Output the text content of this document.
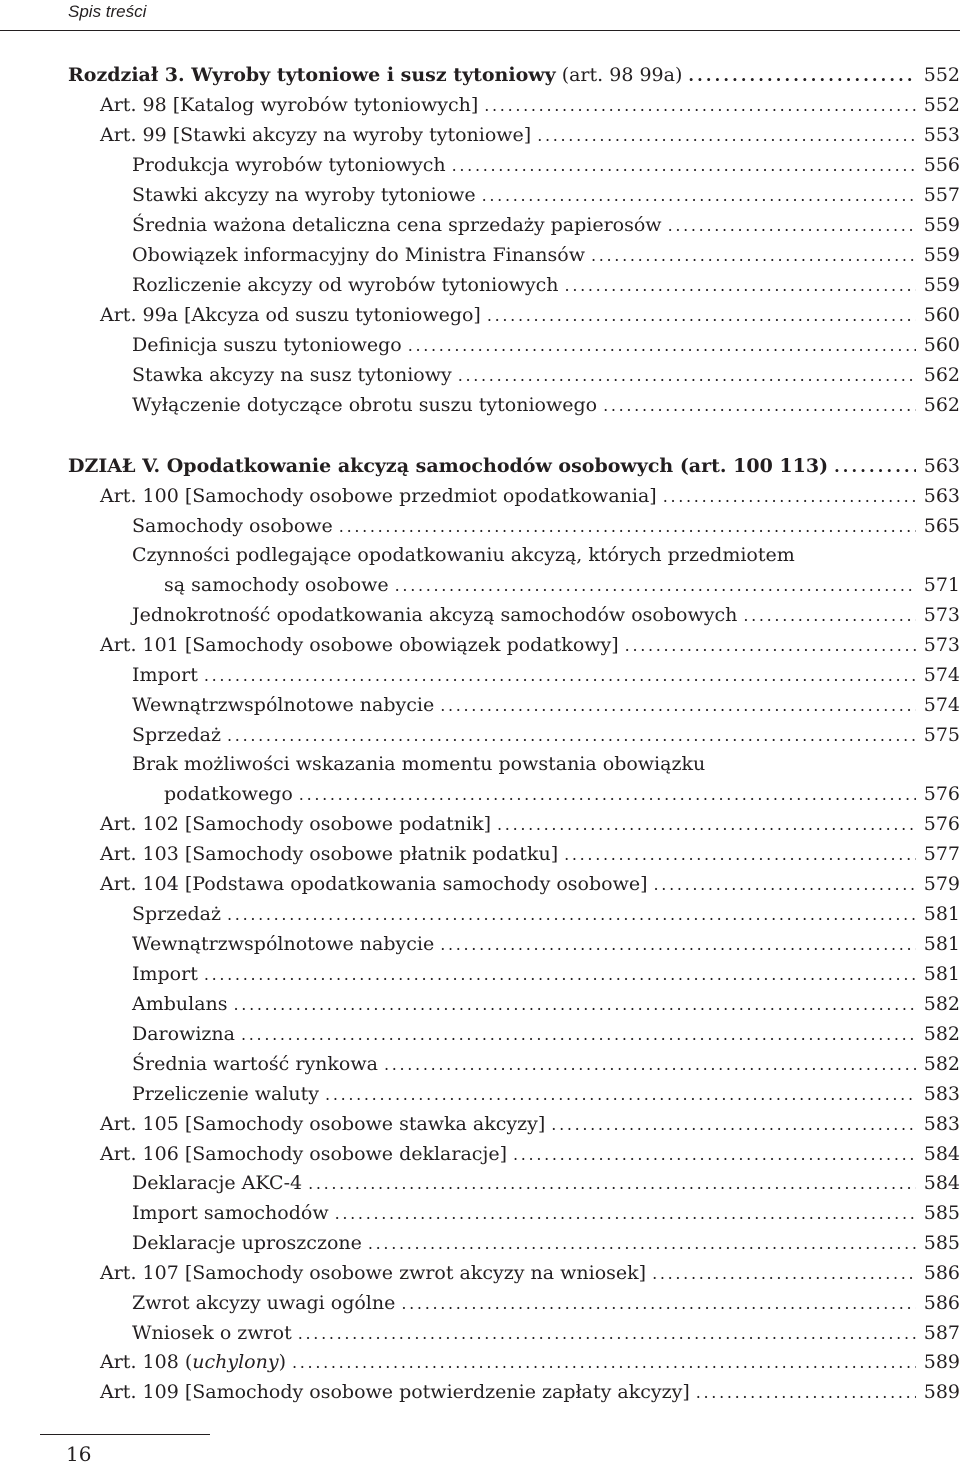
Spis treści
Rozdział 3. Wyroby tytoniowe i susz tytoniowy (art. 98 99a) . . .	552
Art. 98 [Katalog wyrobów tytoniowych] . . .	552
Art. 99 [Stawki akcyzy na wyroby tytoniowe] . . .	553
Produkcja wyrobów tytoniowych . . .	556
Stawki akcyzy na wyroby tytoniowe . . .	557
Średnia ważona detaliczna cena sprzedaży papierosów . . .	559
Obowiązek informacyjny do Ministra Finansów . . .	559
Rozliczenie akcyzy od wyrobów tytoniowych . . .	559
Art. 99a [Akcyza od suszu tytoniowego] . . .	560
Definicja suszu tytoniowego . . .	560
Stawka akcyzy na susz tytoniowy . . .	562
Wyłączenie dotyczące obrotu suszu tytoniowego . . .	562
DZIAŁ V. Opodatkowanie akcyzą samochodów osobowych (art. 100 113) . . .	563
Art. 100 [Samochody osobowe przedmiot opodatkowania] . . .	563
Samochody osobowe . . .	565
Czynności podlegające opodatkowaniu akcyzą, których przedmiotem
są samochody osobowe . . .	571
Jednokrotność opodatkowania akcyzą samochodów osobowych . . .	573
Art. 101 [Samochody osobowe obowiązek podatkowy] . . .	573
Import . . .	574
Wewnątrzwspólnotowe nabycie . . .	574
Sprzedaż . . .	575
Brak możliwości wskazania momentu powstania obowiązku
podatkowego . . .	576
Art. 102 [Samochody osobowe podatnik] . . .	576
Art. 103 [Samochody osobowe płatnik podatku] . . .	577
Art. 104 [Podstawa opodatkowania samochody osobowe] . . .	579
Sprzedaż . . .	581
Wewnątrzwspólnotowe nabycie . . .	581
Import . . .	581
Ambulans . . .	582
Darowizna . . .	582
Średnia wartość rynkowa . . .	582
Przeliczenie waluty . . .	583
Art. 105 [Samochody osobowe stawka akcyzy] . . .	583
Art. 106 [Samochody osobowe deklaracje] . . .	584
Deklaracje AKC-4 . . .	584
Import samochodów . . .	585
Deklaracje uproszczone . . .	585
Art. 107 [Samochody osobowe zwrot akcyzy na wniosek] . . .	586
Zwrot akcyzy uwagi ogólne . . .	586
Wniosek o zwrot . . .	587
Art. 108 (uchylony) . . .	589
Art. 109 [Samochody osobowe potwierdzenie zapłaty akcyzy] . . .	589
16
